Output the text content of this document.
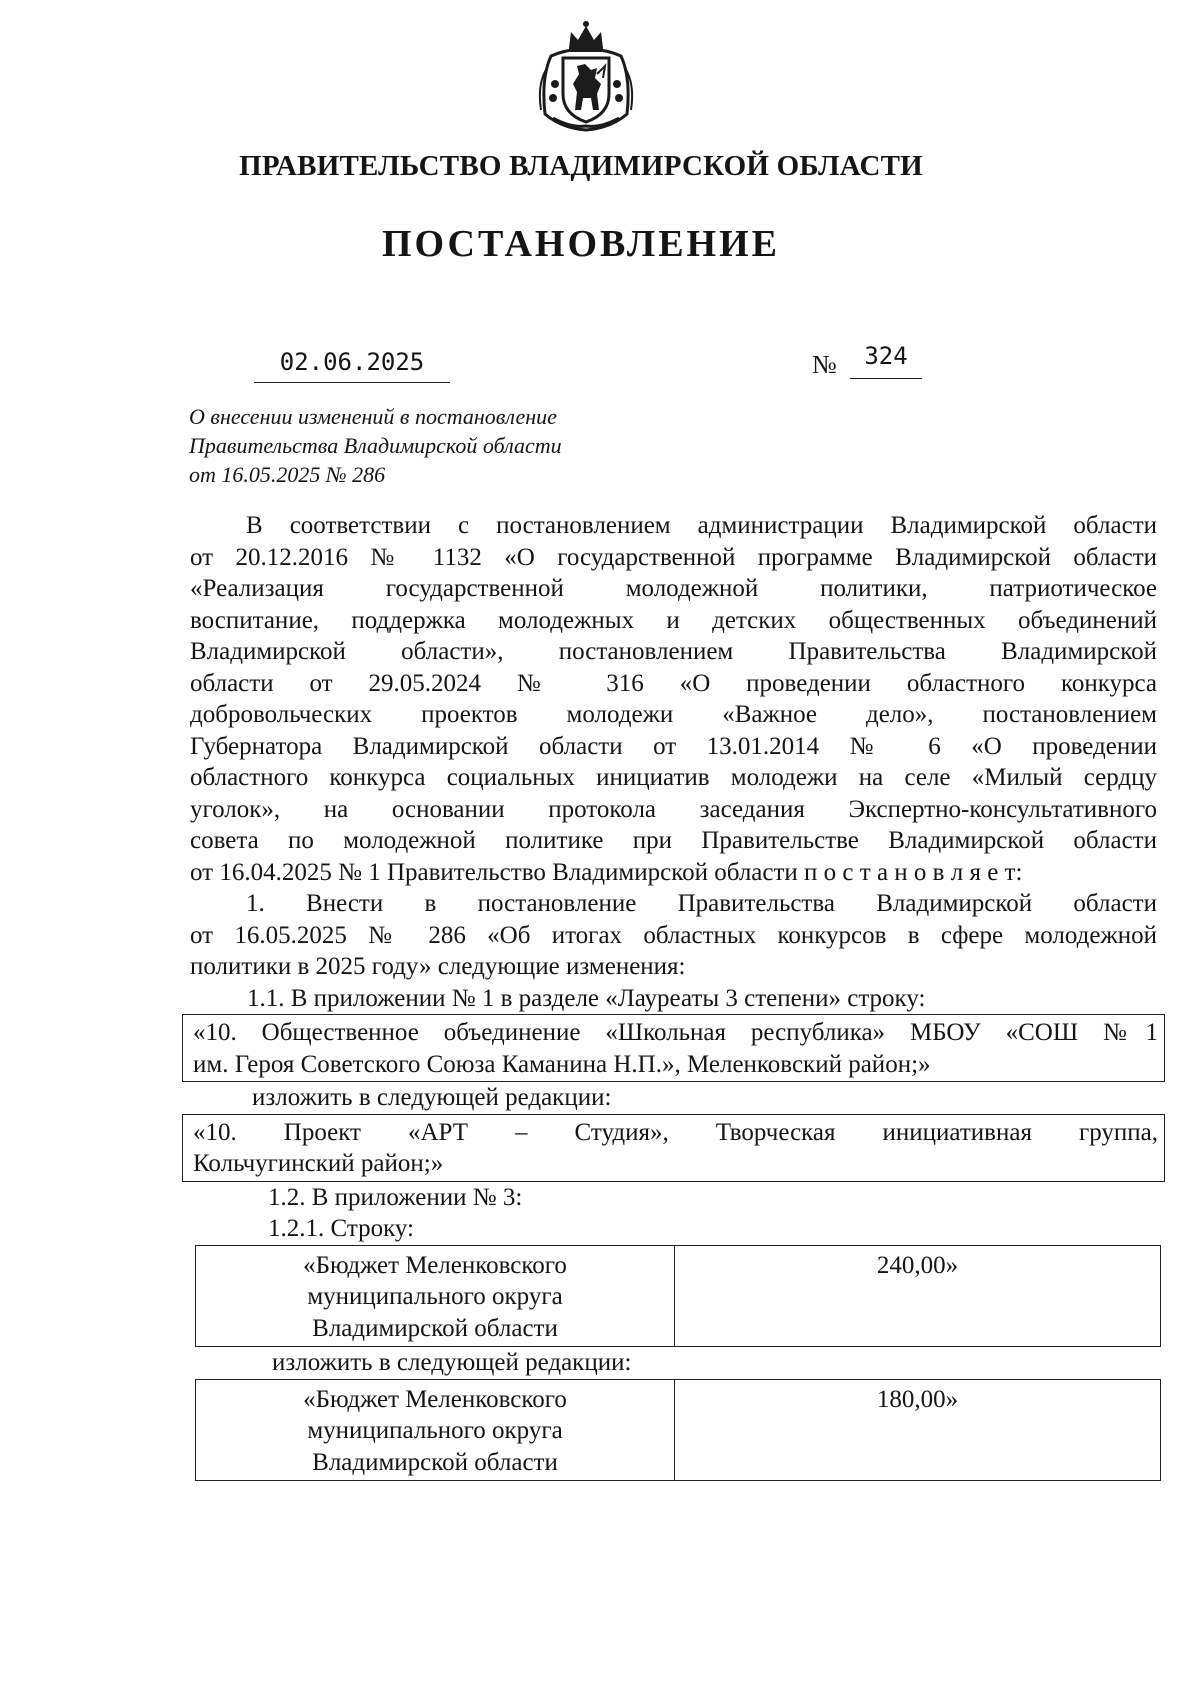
ПРАВИТЕЛЬСТВО ВЛАДИМИРСКОЙ ОБЛАСТИ
ПОСТАНОВЛЕНИЕ
02.06.2025	№	324
О внесении изменений в постановление
Правительства Владимирской области
от 16.05.2025 № 286
В соответствии с постановлением администрации Владимирской области
от 20.12.2016 № 1132 «О государственной программе Владимирской области
«Реализация государственной молодежной политики, патриотическое
воспитание, поддержка молодежных и детских общественных объединений
Владимирской области», постановлением Правительства Владимирской
области от 29.05.2024 № 316 «О проведении областного конкурса
добровольческих проектов молодежи «Важное дело», постановлением
Губернатора Владимирской области от 13.01.2014 № 6 «О проведении
областного конкурса социальных инициатив молодежи на селе «Милый сердцу
уголок», на основании протокола заседания Экспертно-консультативного
совета по молодежной политике при Правительстве Владимирской области
от 16.04.2025 № 1 Правительство Владимирской области п о с т а н о в л я е т:
1. Внести в постановление Правительства Владимирской области
от 16.05.2025 № 286 «Об итогах областных конкурсов в сфере молодежной
политики в 2025 году» следующие изменения:

1.1. В приложении № 1 в разделе «Лауреаты 3 степени» строку:

«10. Общественное объединение «Школьная республика» МБОУ «СОШ №1
им. Героя Советского Союза Каманина Н.П.», Меленковский район;»

изложить в следующей редакции:

«10. Проект «АРТ – Студия», Творческая инициативная группа,
Кольчугинский район;»

1.2. В приложении № 3:

1.2.1. Строку:

«Бюджет Меленковского
муниципального округа
Владимирской области
	240,00»

изложить в следующей редакции:

«Бюджет Меленковского
муниципального округа
Владимирской области
	180,00»
